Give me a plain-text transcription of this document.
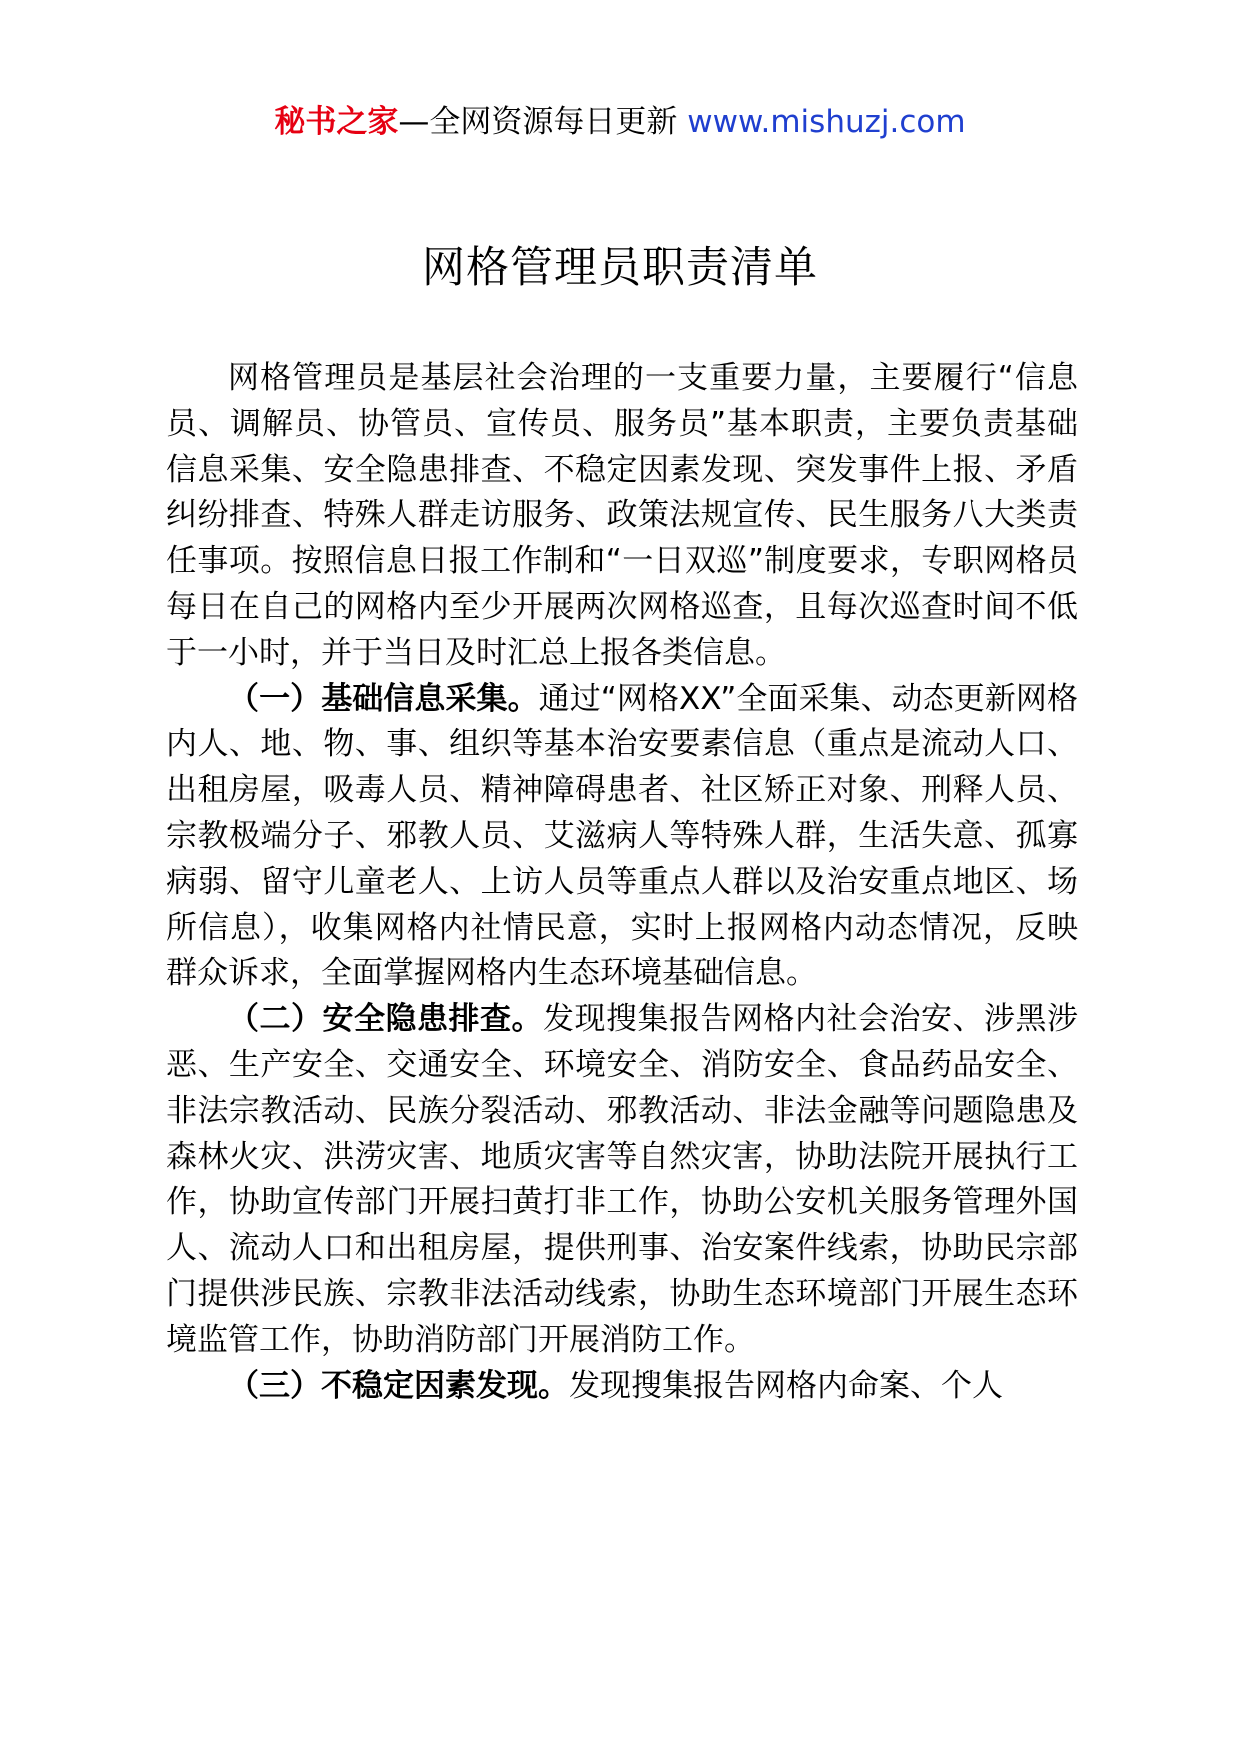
秘书之家—全网资源每日更新 www.mishuzj.com
网格管理员职责清单

网格管理员是基层社会治理的一支重要力量，主要履行“信息员、调解员、协管员、宣传员、服务员”基本职责，主要负责基础信息采集、安全隐患排查、不稳定因素发现、突发事件上报、矛盾纠纷排查、特殊人群走访服务、政策法规宣传、民生服务八大类责任事项。按照信息日报工作制和“一日双巡”制度要求，专职网格员每日在自己的网格内至少开展两次网格巡查，且每次巡查时间不低于一小时，并于当日及时汇总上报各类信息。

（一）基础信息采集。通过“网格XX”全面采集、动态更新网格内人、地、物、事、组织等基本治安要素信息（重点是流动人口、出租房屋，吸毒人员、精神障碍患者、社区矫正对象、刑释人员、宗教极端分子、邪教人员、艾滋病人等特殊人群，生活失意、孤寡病弱、留守儿童老人、上访人员等重点人群以及治安重点地区、场所信息），收集网格内社情民意，实时上报网格内动态情况，反映群众诉求，全面掌握网格内生态环境基础信息。

（二）安全隐患排查。发现搜集报告网格内社会治安、涉黑涉恶、生产安全、交通安全、环境安全、消防安全、食品药品安全、非法宗教活动、民族分裂活动、邪教活动、非法金融等问题隐患及森林火灾、洪涝灾害、地质灾害等自然灾害，协助法院开展执行工作，协助宣传部门开展扫黄打非工作，协助公安机关服务管理外国人、流动人口和出租房屋，提供刑事、治安案件线索，协助民宗部门提供涉民族、宗教非法活动线索，协助生态环境部门开展生态环境监管工作，协助消防部门开展消防工作。

（三）不稳定因素发现。发现搜集报告网格内命案、个人
